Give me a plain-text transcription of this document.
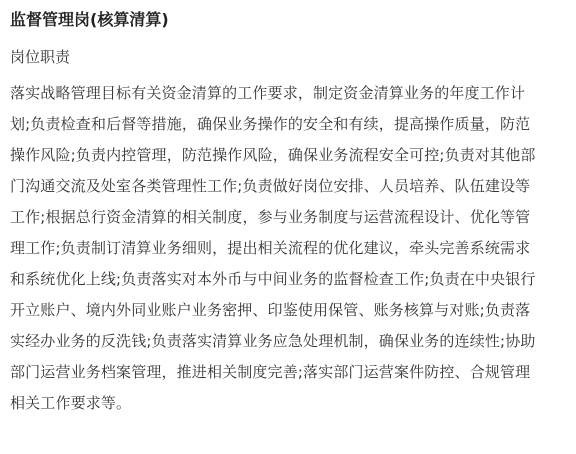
监督管理岗(核算清算)
岗位职责
落实战略管理目标有关资金清算的工作要求，制定资金清算业务的年度工作计
划;负责检查和后督等措施，确保业务操作的安全和有续，提高操作质量，防范
操作风险;负责内控管理，防范操作风险，确保业务流程安全可控;负责对其他部
门沟通交流及处室各类管理性工作;负责做好岗位安排、人员培养、队伍建设等
工作;根据总行资金清算的相关制度，参与业务制度与运营流程设计、优化等管
理工作;负责制订清算业务细则，提出相关流程的优化建议，牵头完善系统需求
和系统优化上线;负责落实对本外币与中间业务的监督检查工作;负责在中央银行
开立账户、境内外同业账户业务密押、印鉴使用保管、账务核算与对账;负责落
实经办业务的反洗钱;负责落实清算业务应急处理机制，确保业务的连续性;协助
部门运营业务档案管理，推进相关制度完善;落实部门运营案件防控、合规管理
相关工作要求等。
